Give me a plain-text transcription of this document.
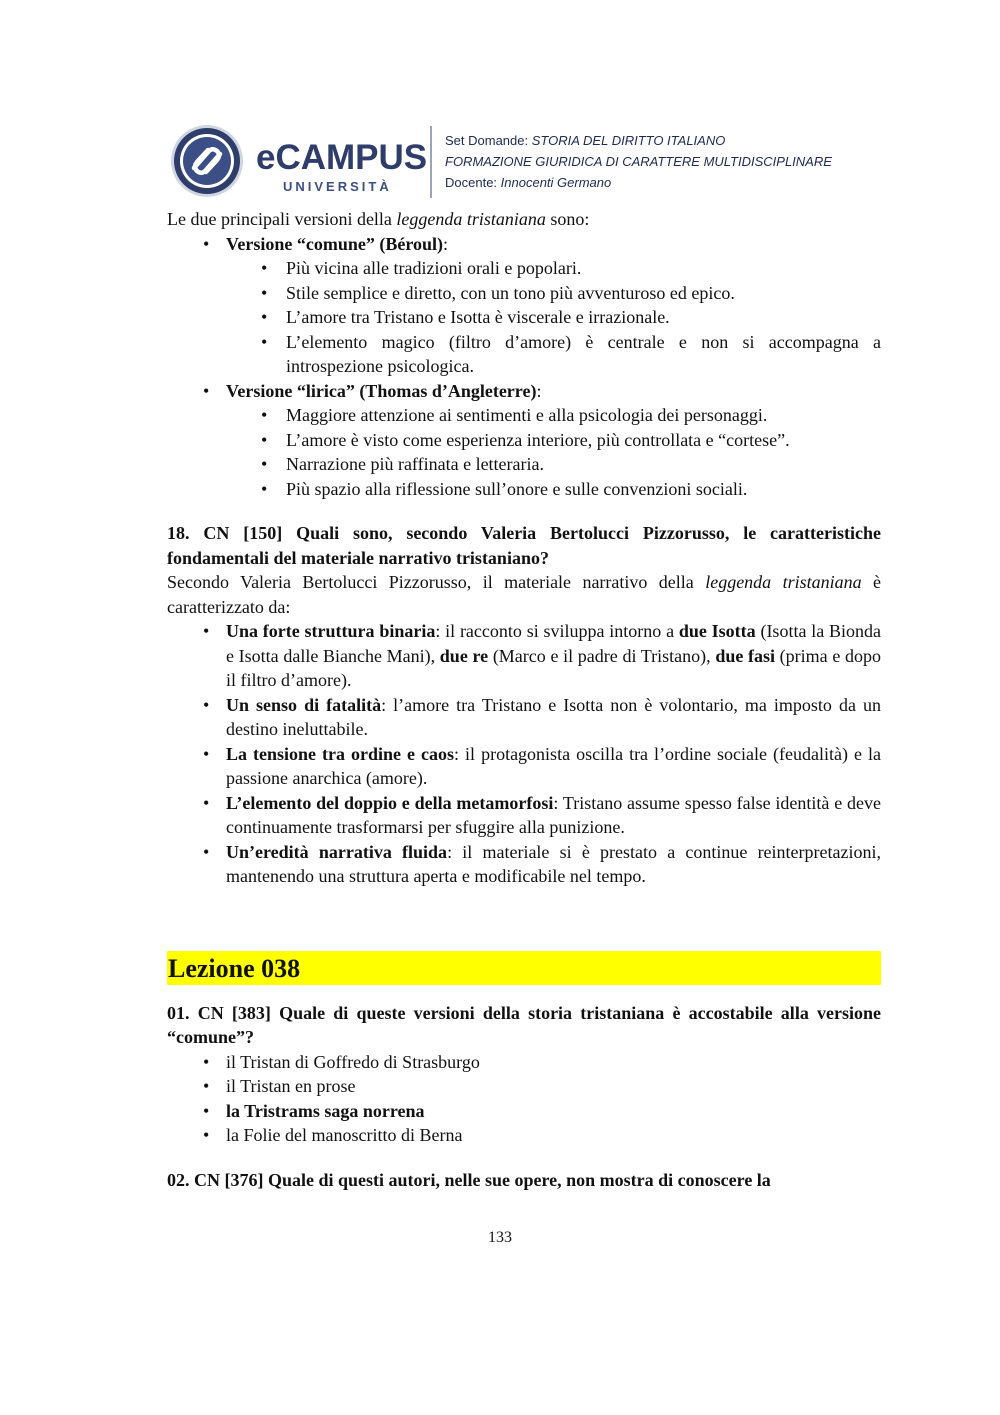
eCAMPUS
UNIVERSITÀ
Set Domande: STORIA DEL DIRITTO ITALIANO
FORMAZIONE GIURIDICA DI CARATTERE MULTIDISCIPLINARE
Docente: Innocenti Germano

Le due principali versioni della leggenda tristaniana sono:

• Versione “comune” (Béroul):
• Più vicina alle tradizioni orali e popolari.
• Stile semplice e diretto, con un tono più avventuroso ed epico.
• L’amore tra Tristano e Isotta è viscerale e irrazionale.
• L’elemento magico (filtro d’amore) è centrale e non si accompagna a introspezione psicologica.
• Versione “lirica” (Thomas d’Angleterre):
• Maggiore attenzione ai sentimenti e alla psicologia dei personaggi.
• L’amore è visto come esperienza interiore, più controllata e “cortese”.
• Narrazione più raffinata e letteraria.
• Più spazio alla riflessione sull’onore e sulle convenzioni sociali.

18. CN [150] Quali sono, secondo Valeria Bertolucci Pizzorusso, le caratteristiche fondamentali del materiale narrativo tristaniano?

Secondo Valeria Bertolucci Pizzorusso, il materiale narrativo della leggenda tristaniana è caratterizzato da:

• Una forte struttura binaria: il racconto si sviluppa intorno a due Isotta (Isotta la Bionda e Isotta dalle Bianche Mani), due re (Marco e il padre di Tristano), due fasi (prima e dopo il filtro d’amore).
• Un senso di fatalità: l’amore tra Tristano e Isotta non è volontario, ma imposto da un destino ineluttabile.
• La tensione tra ordine e caos: il protagonista oscilla tra l’ordine sociale (feudalità) e la passione anarchica (amore).
• L’elemento del doppio e della metamorfosi: Tristano assume spesso false identità e deve continuamente trasformarsi per sfuggire alla punizione.
• Un’eredità narrativa fluida: il materiale si è prestato a continue reinterpretazioni, mantenendo una struttura aperta e modificabile nel tempo.
Lezione 038

01. CN [383] Quale di queste versioni della storia tristaniana è accostabile alla versione “comune”?

• il Tristan di Goffredo di Strasburgo
• il Tristan en prose
• la Tristrams saga norrena
• la Folie del manoscritto di Berna

02. CN [376] Quale di questi autori, nelle sue opere, non mostra di conoscere la

133
